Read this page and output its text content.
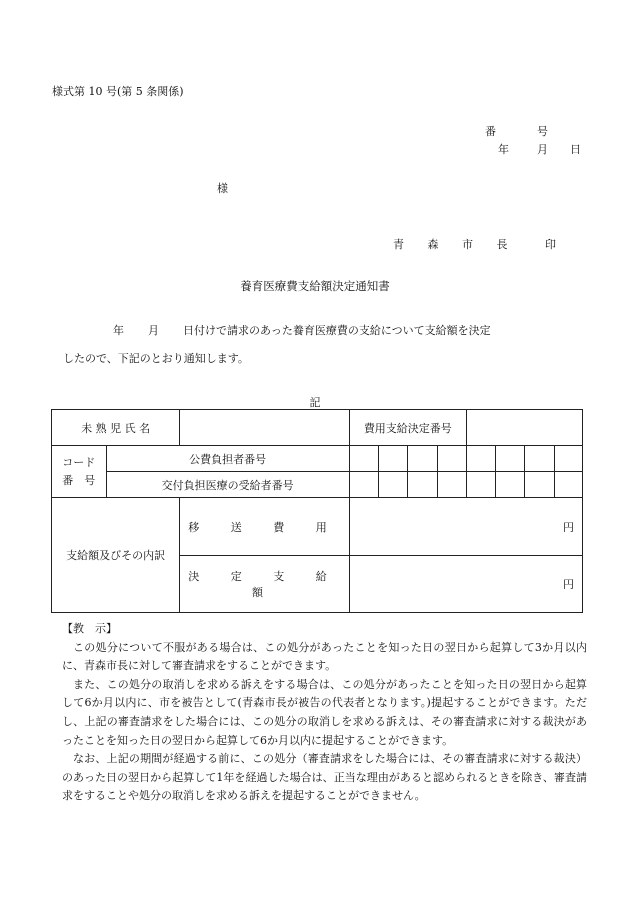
様式第 10 号(第 5 条関係)
番	号
年	月 日
様
青 森 市 長	印
養育医療費支給額決定通知書
年 月 日付けで請求のあった養育医療費の支給について支給額を決定
したので、下記のとおり通知します。
記
未 熟 児 氏 名			費用支給決定番号							

コード
番　号	公費負担者番号									
	交付負担医療の受給者番号									
支給額及びその内訳		移 送 費 用	円							
		決 定 支 給 額	円							

【教　示】

この処分について不服がある場合は、この処分があったことを知った日の翌日から起算して3か月以内に、青森市長に対して審査請求をすることができます。

また、この処分の取消しを求める訴えをする場合は、この処分があったことを知った日の翌日から起算して6か月以内に、市を被告として(青森市長が被告の代表者となります。)提起することができます。ただし、上記の審査請求をした場合には、この処分の取消しを求める訴えは、その審査請求に対する裁決があったことを知った日の翌日から起算して6か月以内に提起することができます。

なお、上記の期間が経過する前に、この処分（審査請求をした場合には、その審査請求に対する裁決）のあった日の翌日から起算して1年を経過した場合は、正当な理由があると認められるときを除き、審査請求をすることや処分の取消しを求める訴えを提起することができません。
